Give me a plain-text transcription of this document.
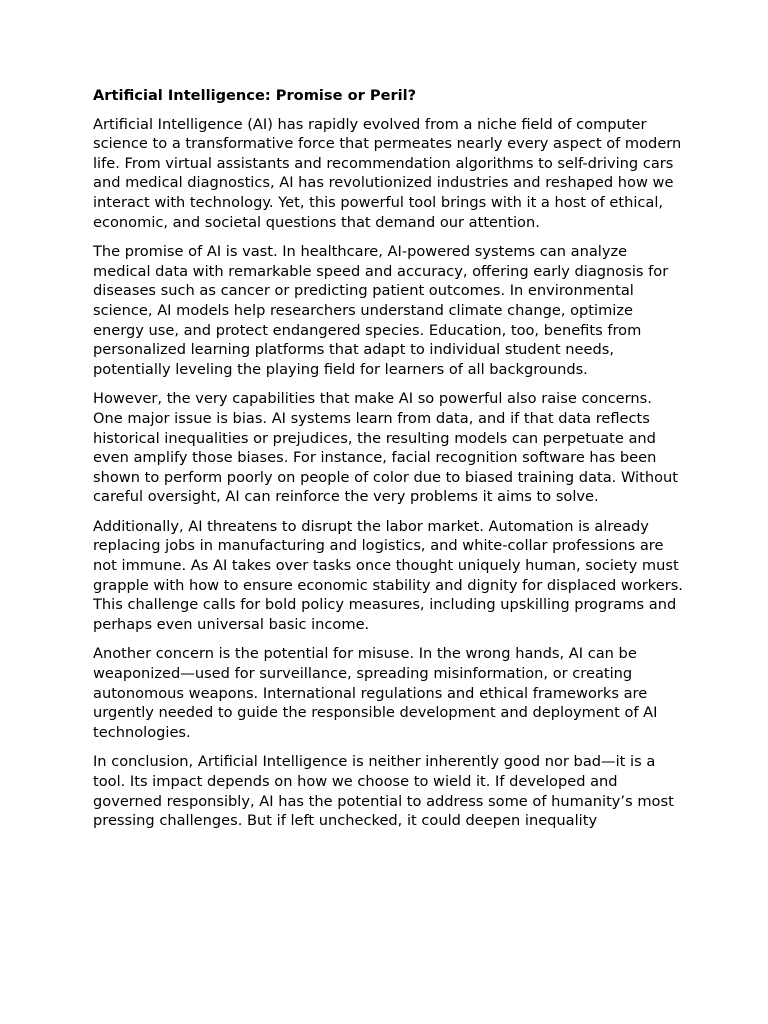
Artificial Intelligence: Promise or Peril?

Artificial Intelligence (AI) has rapidly evolved from a niche field of computer science to a transformative force that permeates nearly every aspect of modern life. From virtual assistants and recommendation algorithms to self-driving cars and medical diagnostics, AI has revolutionized industries and reshaped how we interact with technology. Yet, this powerful tool brings with it a host of ethical, economic, and societal questions that demand our attention.

The promise of AI is vast. In healthcare, AI-powered systems can analyze medical data with remarkable speed and accuracy, offering early diagnosis for diseases such as cancer or predicting patient outcomes. In environmental science, AI models help researchers understand climate change, optimize energy use, and protect endangered species. Education, too, benefits from personalized learning platforms that adapt to individual student needs, potentially leveling the playing field for learners of all backgrounds.

However, the very capabilities that make AI so powerful also raise concerns. One major issue is bias. AI systems learn from data, and if that data reflects historical inequalities or prejudices, the resulting models can perpetuate and even amplify those biases. For instance, facial recognition software has been shown to perform poorly on people of color due to biased training data. Without careful oversight, AI can reinforce the very problems it aims to solve.

Additionally, AI threatens to disrupt the labor market. Automation is already replacing jobs in manufacturing and logistics, and white-collar professions are not immune. As AI takes over tasks once thought uniquely human, society must grapple with how to ensure economic stability and dignity for displaced workers. This challenge calls for bold policy measures, including upskilling programs and perhaps even universal basic income.

Another concern is the potential for misuse. In the wrong hands, AI can be weaponized—used for surveillance, spreading misinformation, or creating autonomous weapons. International regulations and ethical frameworks are urgently needed to guide the responsible development and deployment of AI technologies.

In conclusion, Artificial Intelligence is neither inherently good nor bad—it is a tool. Its impact depends on how we choose to wield it. If developed and governed responsibly, AI has the potential to address some of humanity’s most pressing challenges. But if left unchecked, it could deepen inequality
